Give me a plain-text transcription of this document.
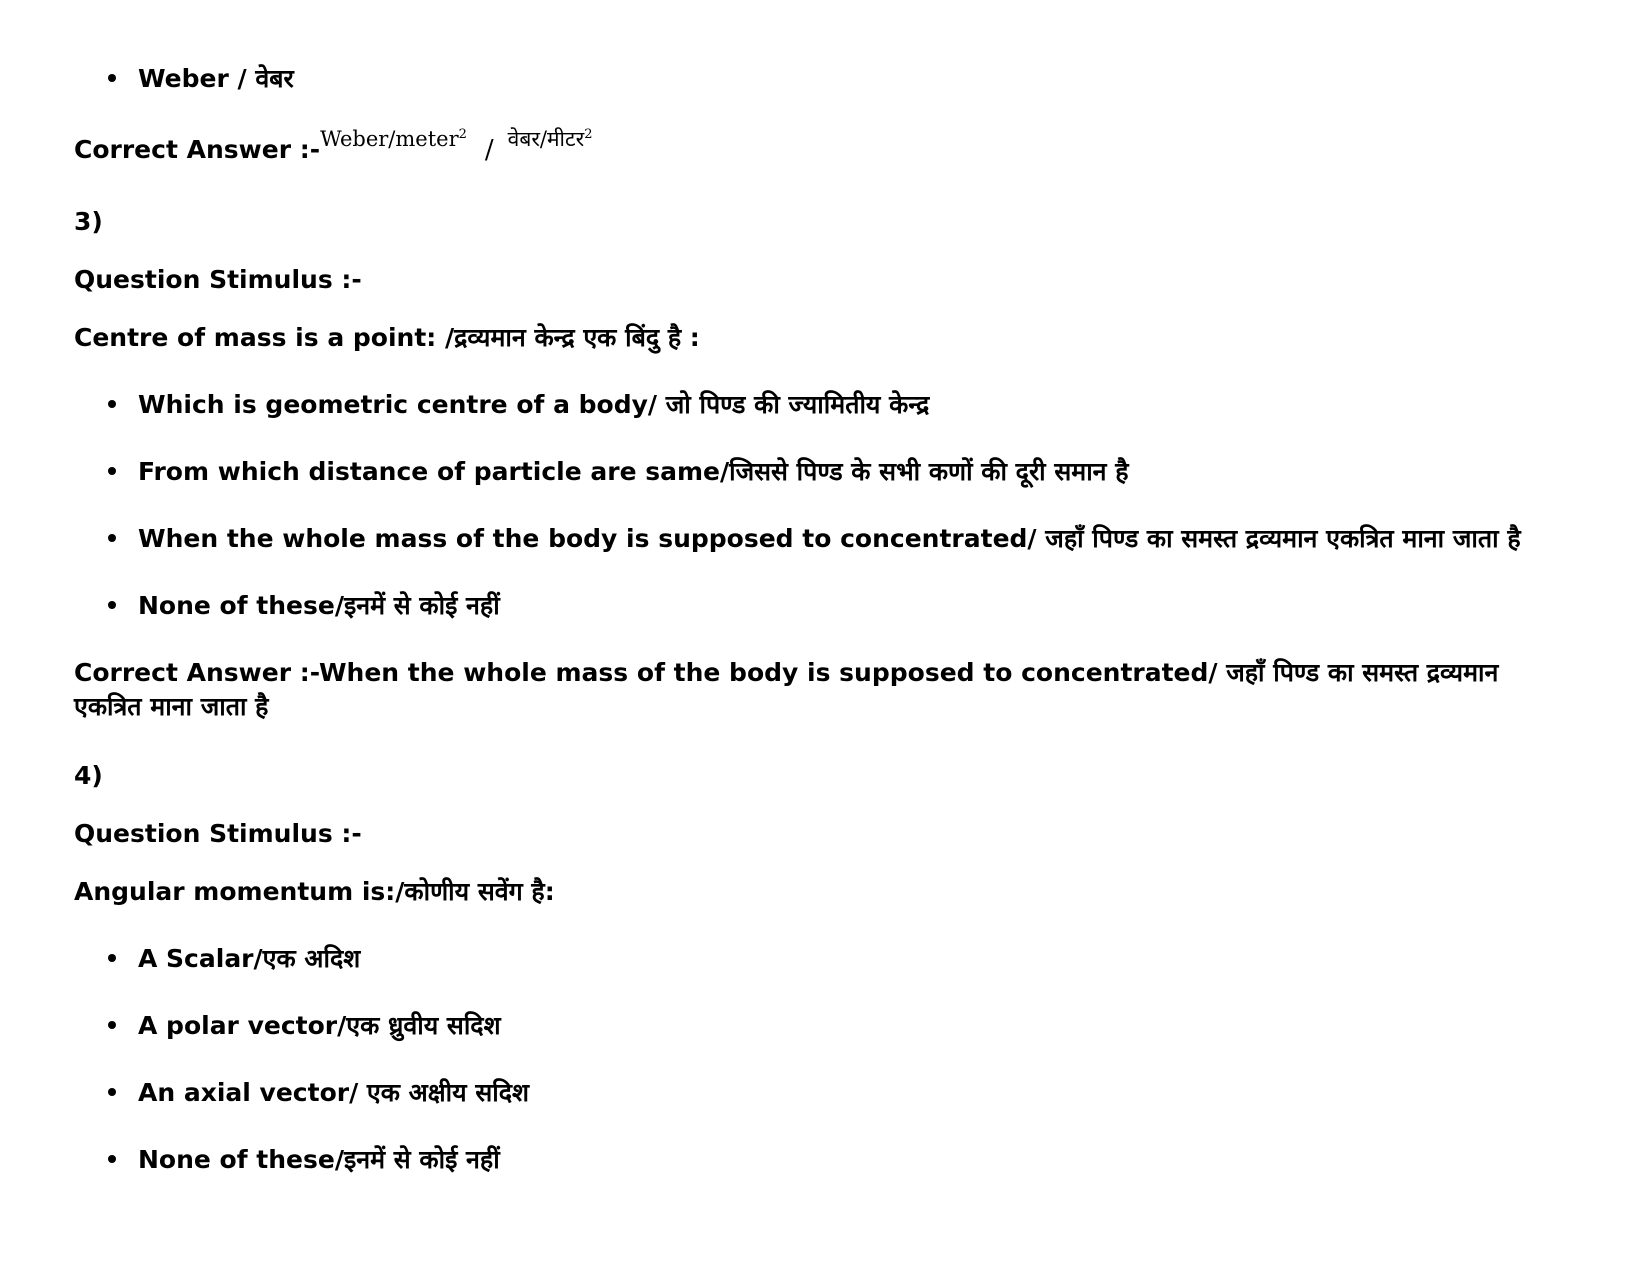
Weber / वेबर
Correct Answer :-$^{Weber/meter^2}$/ $^{वेबर/मीटर^2}$
3)
Question Stimulus :-
Centre of mass is a point: /द्रव्यमान केन्द्र एक बिंदु है :
Which is geometric centre of a body/ जो पिण्ड की ज्यामितीय केन्द्र
From which distance of particle are same/जिससे पिण्ड के सभी कणों की दूरी समान है
When the whole mass of the body is supposed to concentrated/ जहाँ पिण्ड का समस्त द्रव्यमान एकत्रित माना जाता है
None of these/इनमें से कोई नहीं
Correct Answer :-When the whole mass of the body is supposed to concentrated/ जहाँ पिण्ड का समस्त द्रव्यमान एकत्रित माना जाता है
4)
Question Stimulus :-
Angular momentum is:/कोणीय सवेंग है:
A Scalar/एक अदिश
A polar vector/एक ध्रुवीय सदिश
An axial vector/ एक अक्षीय सदिश
None of these/इनमें से कोई नहीं
